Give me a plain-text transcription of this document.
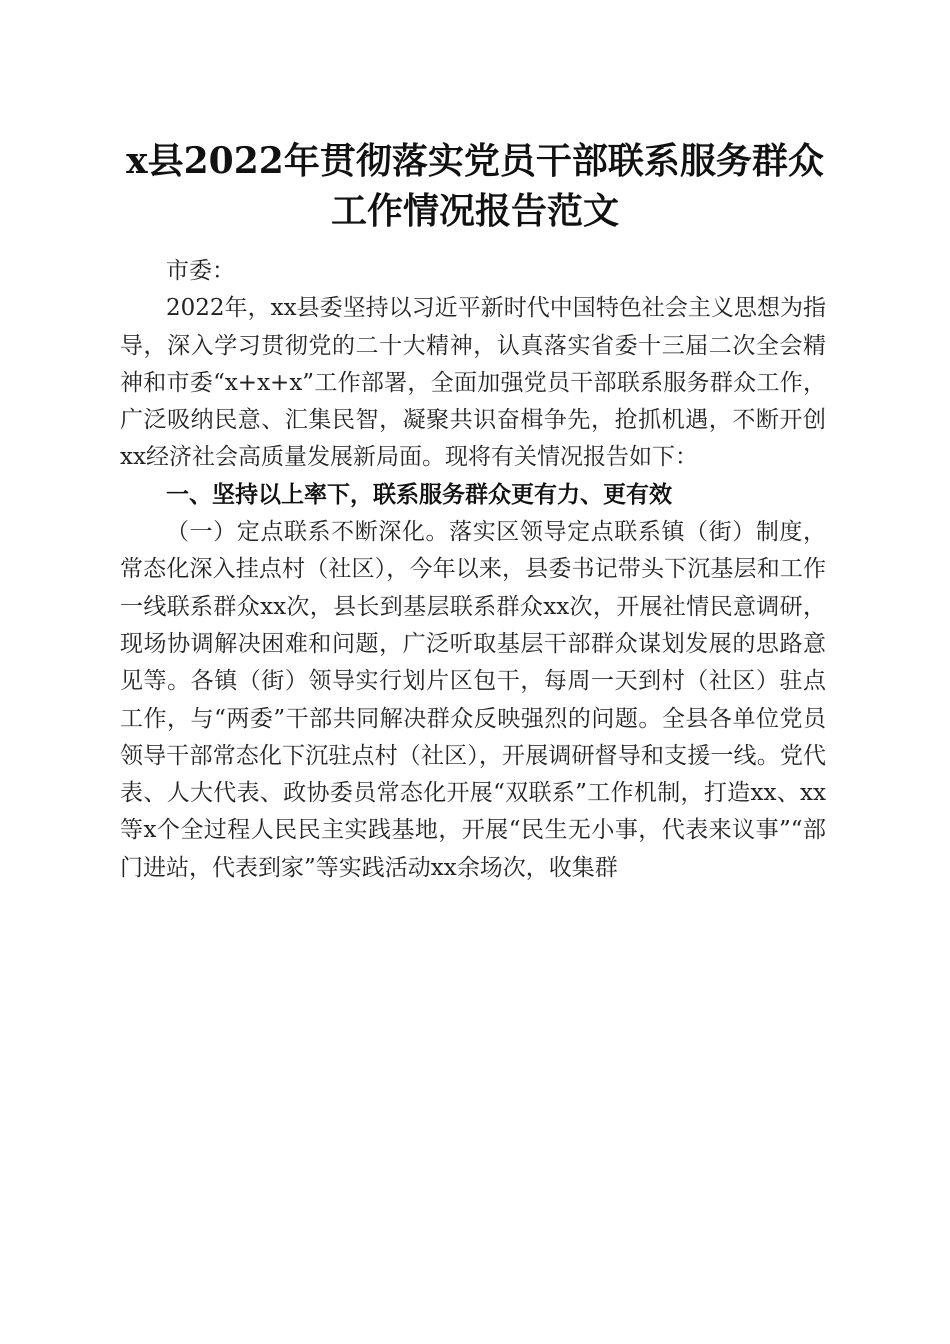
x县2022年贯彻落实党员干部联系服务群众工作情况报告范文

市委：

2022年，xx县委坚持以习近平新时代中国特色社会主义思想为指导，深入学习贯彻党的二十大精神，认真落实省委十三届二次全会精神和市委“x+x+x”工作部署，全面加强党员干部联系服务群众工作，广泛吸纳民意、汇集民智，凝聚共识奋楫争先，抢抓机遇，不断开创xx经济社会高质量发展新局面。现将有关情况报告如下：

一、坚持以上率下，联系服务群众更有力、更有效

（一）定点联系不断深化。落实区领导定点联系镇（街）制度，常态化深入挂点村（社区），今年以来，县委书记带头下沉基层和工作一线联系群众xx次，县长到基层联系群众xx次，开展社情民意调研，现场协调解决困难和问题，广泛听取基层干部群众谋划发展的思路意见等。各镇（街）领导实行划片区包干，每周一天到村（社区）驻点工作，与“两委”干部共同解决群众反映强烈的问题。全县各单位党员领导干部常态化下沉驻点村（社区），开展调研督导和支援一线。党代表、人大代表、政协委员常态化开展“双联系”工作机制，打造xx、xx等x个全过程人民民主实践基地，开展“民生无小事，代表来议事”“部门进站，代表到家”等实践活动xx余场次，收集群
